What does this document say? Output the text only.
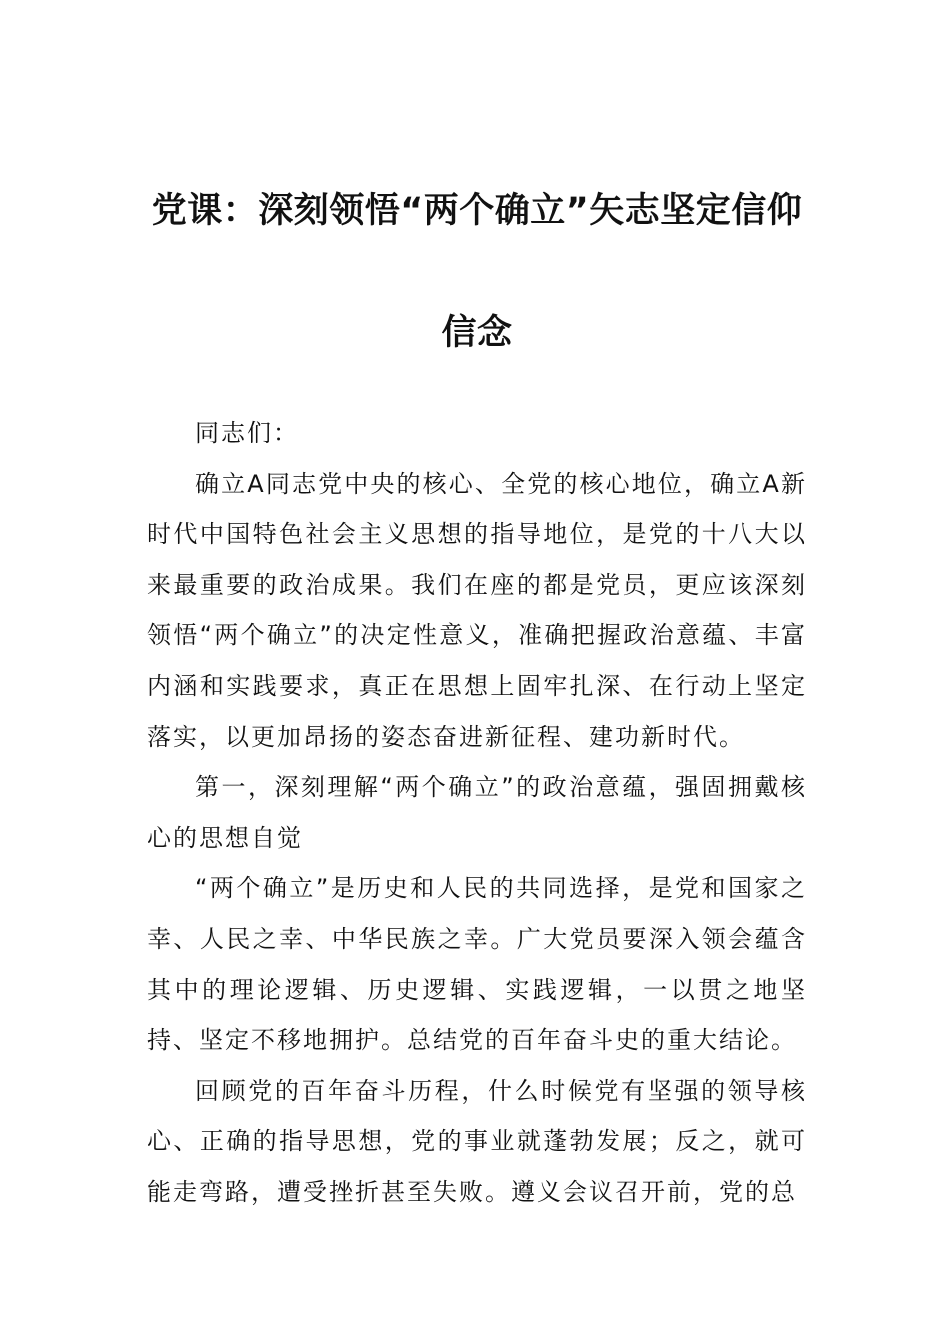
党课：深刻领悟“两个确立”矢志坚定信仰信念

同志们：

确立A同志党中央的核心、全党的核心地位，确立A新时代中国特色社会主义思想的指导地位，是党的十八大以来最重要的政治成果。我们在座的都是党员，更应该深刻领悟“两个确立”的决定性意义，准确把握政治意蕴、丰富内涵和实践要求，真正在思想上固牢扎深、在行动上坚定落实，以更加昂扬的姿态奋进新征程、建功新时代。

第一，深刻理解“两个确立”的政治意蕴，强固拥戴核心的思想自觉

“两个确立”是历史和人民的共同选择，是党和国家之幸、人民之幸、中华民族之幸。广大党员要深入领会蕴含其中的理论逻辑、历史逻辑、实践逻辑，一以贯之地坚持、坚定不移地拥护。总结党的百年奋斗史的重大结论。

回顾党的百年奋斗历程，什么时候党有坚强的领导核心、正确的指导思想，党的事业就蓬勃发展；反之，就可能走弯路，遭受挫折甚至失败。遵义会议召开前，党的总
